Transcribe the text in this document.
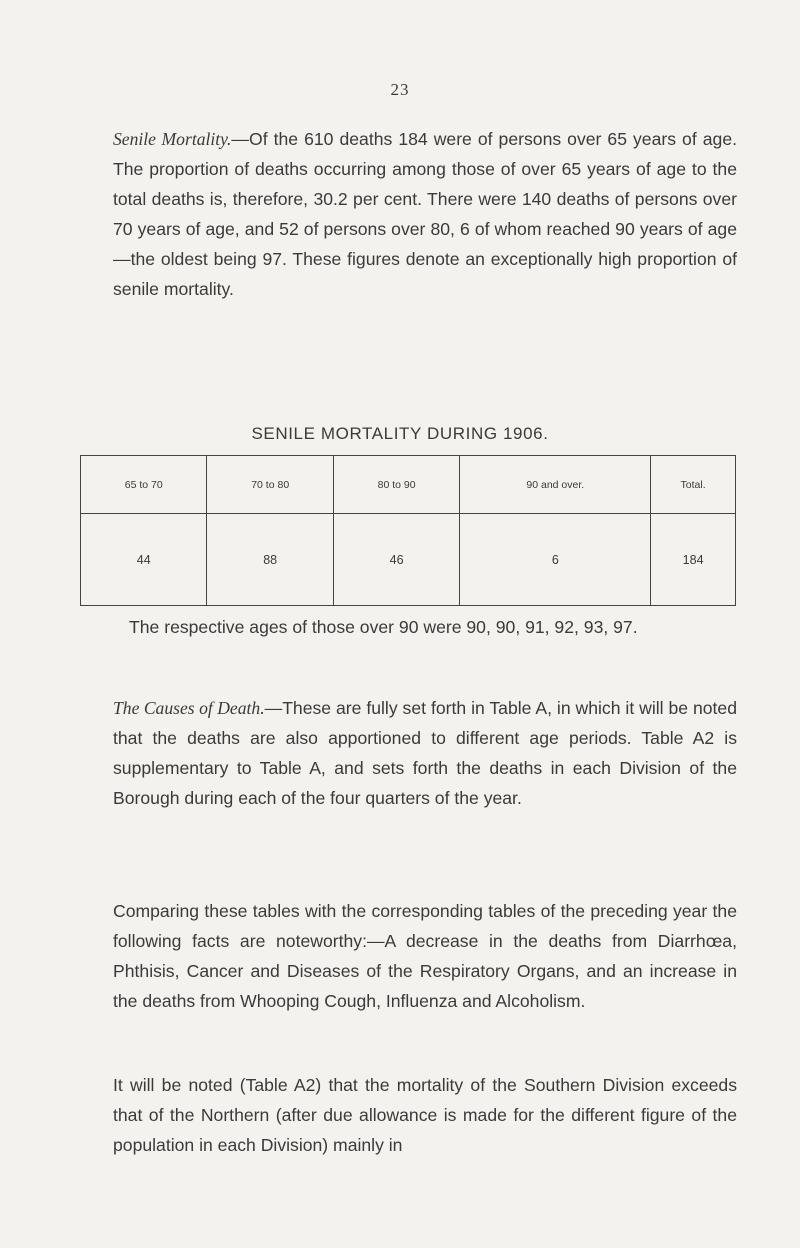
23

Senile Mortality.—Of the 610 deaths 184 were of persons over 65 years of age. The proportion of deaths occurring among those of over 65 years of age to the total deaths is, therefore, 30.2 per cent. There were 140 deaths of persons over 70 years of age, and 52 of persons over 80, 6 of whom reached 90 years of age—the oldest being 97. These figures denote an exceptionally high proportion of senile mortality.

SENILE MORTALITY DURING 1906.
65 to 70	70 to 80	80 to 90	90 and over.	Total.
44	88	46	6	184

The respective ages of those over 90 were 90, 90, 91, 92, 93, 97.

The Causes of Death.—These are fully set forth in Table A, in which it will be noted that the deaths are also apportioned to different age periods. Table A2 is supplementary to Table A, and sets forth the deaths in each Division of the Borough during each of the four quarters of the year.

Comparing these tables with the corresponding tables of the preceding year the following facts are noteworthy:—A decrease in the deaths from Diarrhœa, Phthisis, Cancer and Diseases of the Respiratory Organs, and an increase in the deaths from Whooping Cough, Influenza and Alcoholism.

It will be noted (Table A2) that the mortality of the Southern Division exceeds that of the Northern (after due allowance is made for the different figure of the population in each Division) mainly in
